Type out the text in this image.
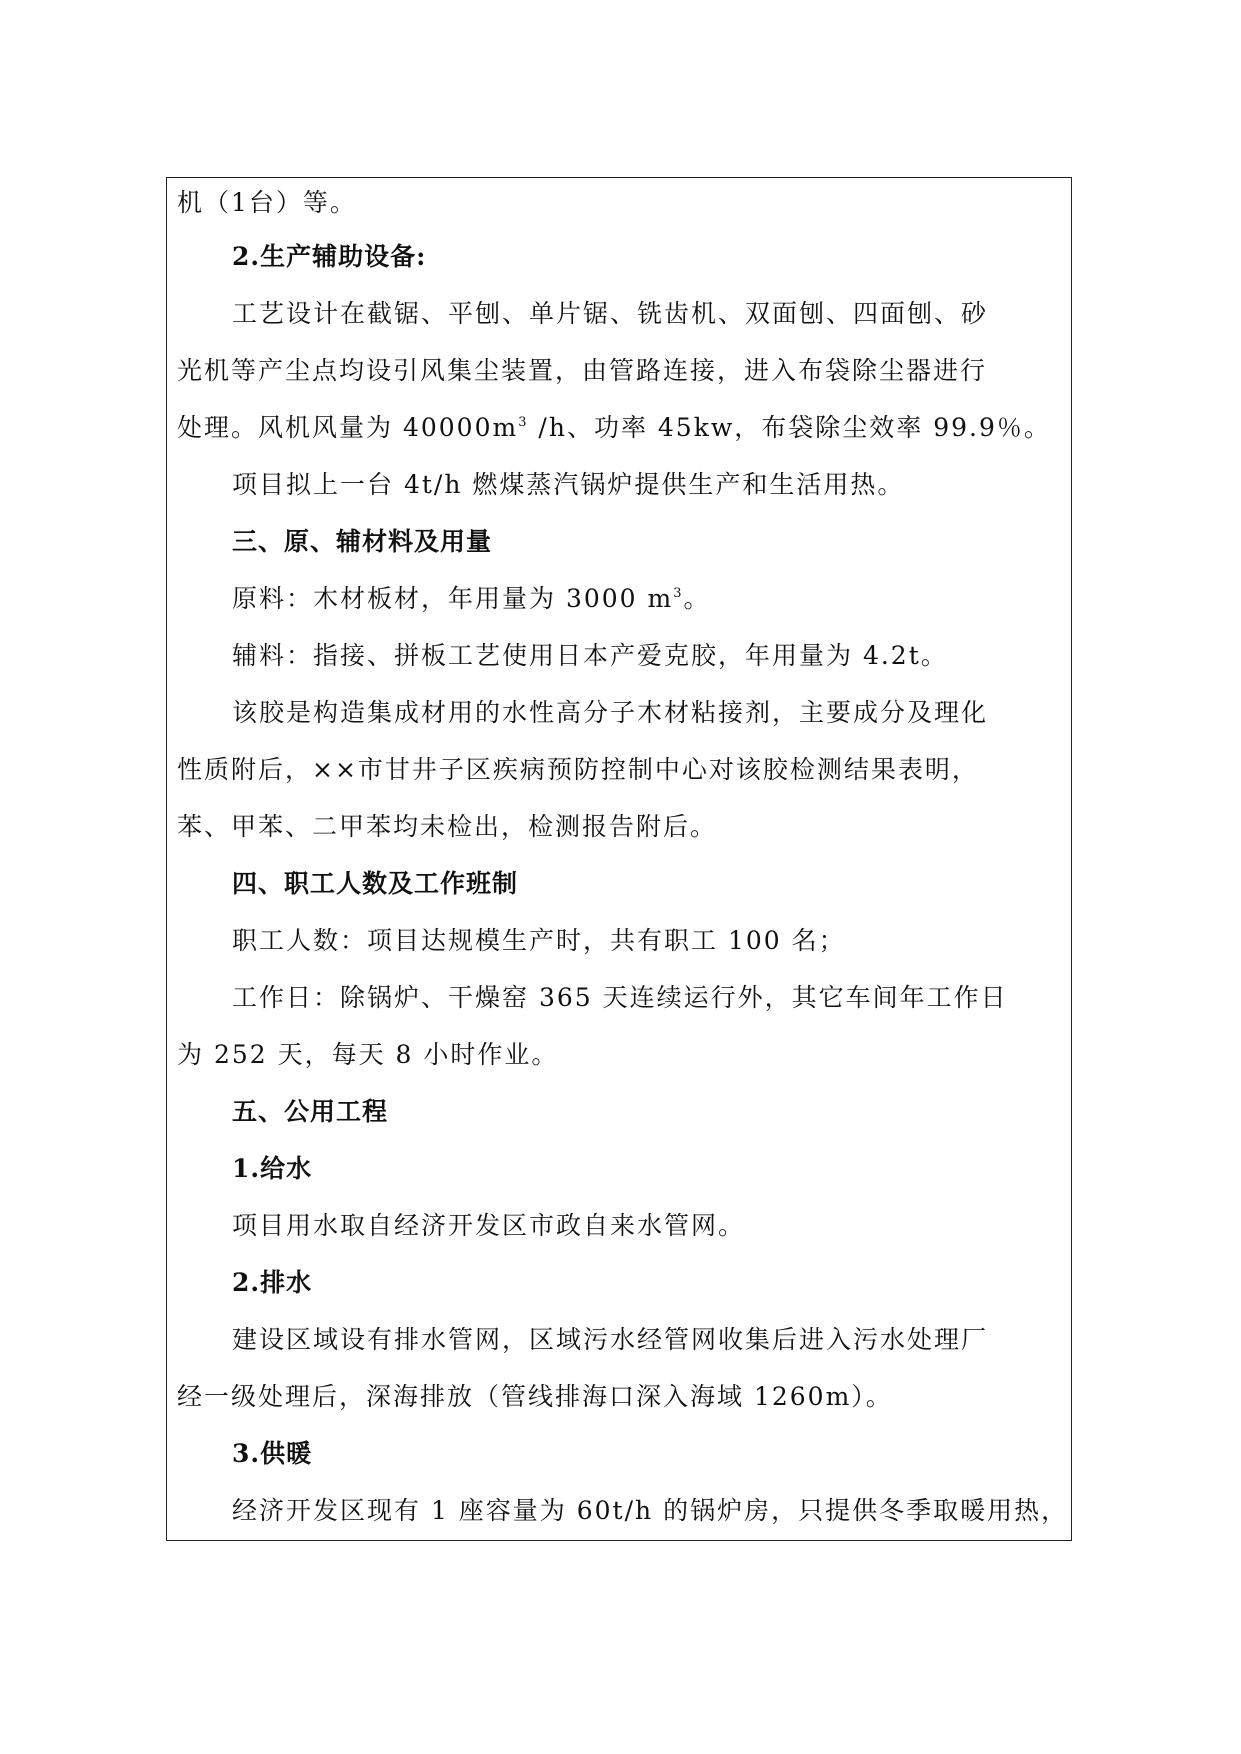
机（1台）等。
2.生产辅助设备:
工艺设计在截锯、平刨、单片锯、铣齿机、双面刨、四面刨、砂
光机等产尘点均设引风集尘装置，由管路连接，进入布袋除尘器进行
处理。风机风量为 $40000m^3$ /h、功率 45kw，布袋除尘效率 99.9％。
项目拟上一台 4t/h 燃煤蒸汽锅炉提供生产和生活用热。
三、原、辅材料及用量
原料：木材板材，年用量为 3000 $m^3$。
辅料：指接、拼板工艺使用日本产爱克胶，年用量为 4.2t。
该胶是构造集成材用的水性高分子木材粘接剂，主要成分及理化
性质附后，××市甘井子区疾病预防控制中心对该胶检测结果表明，
苯、甲苯、二甲苯均未检出，检测报告附后。
四、职工人数及工作班制
职工人数：项目达规模生产时，共有职工 100 名；
工作日：除锅炉、干燥窑 365 天连续运行外，其它车间年工作日
为 252 天，每天 8 小时作业。
五、公用工程
1.给水
项目用水取自经济开发区市政自来水管网。
2.排水
建设区域设有排水管网，区域污水经管网收集后进入污水处理厂
经一级处理后，深海排放（管线排海口深入海域 1260m）。
3.供暖
经济开发区现有 1 座容量为 60t/h 的锅炉房，只提供冬季取暖用热，
